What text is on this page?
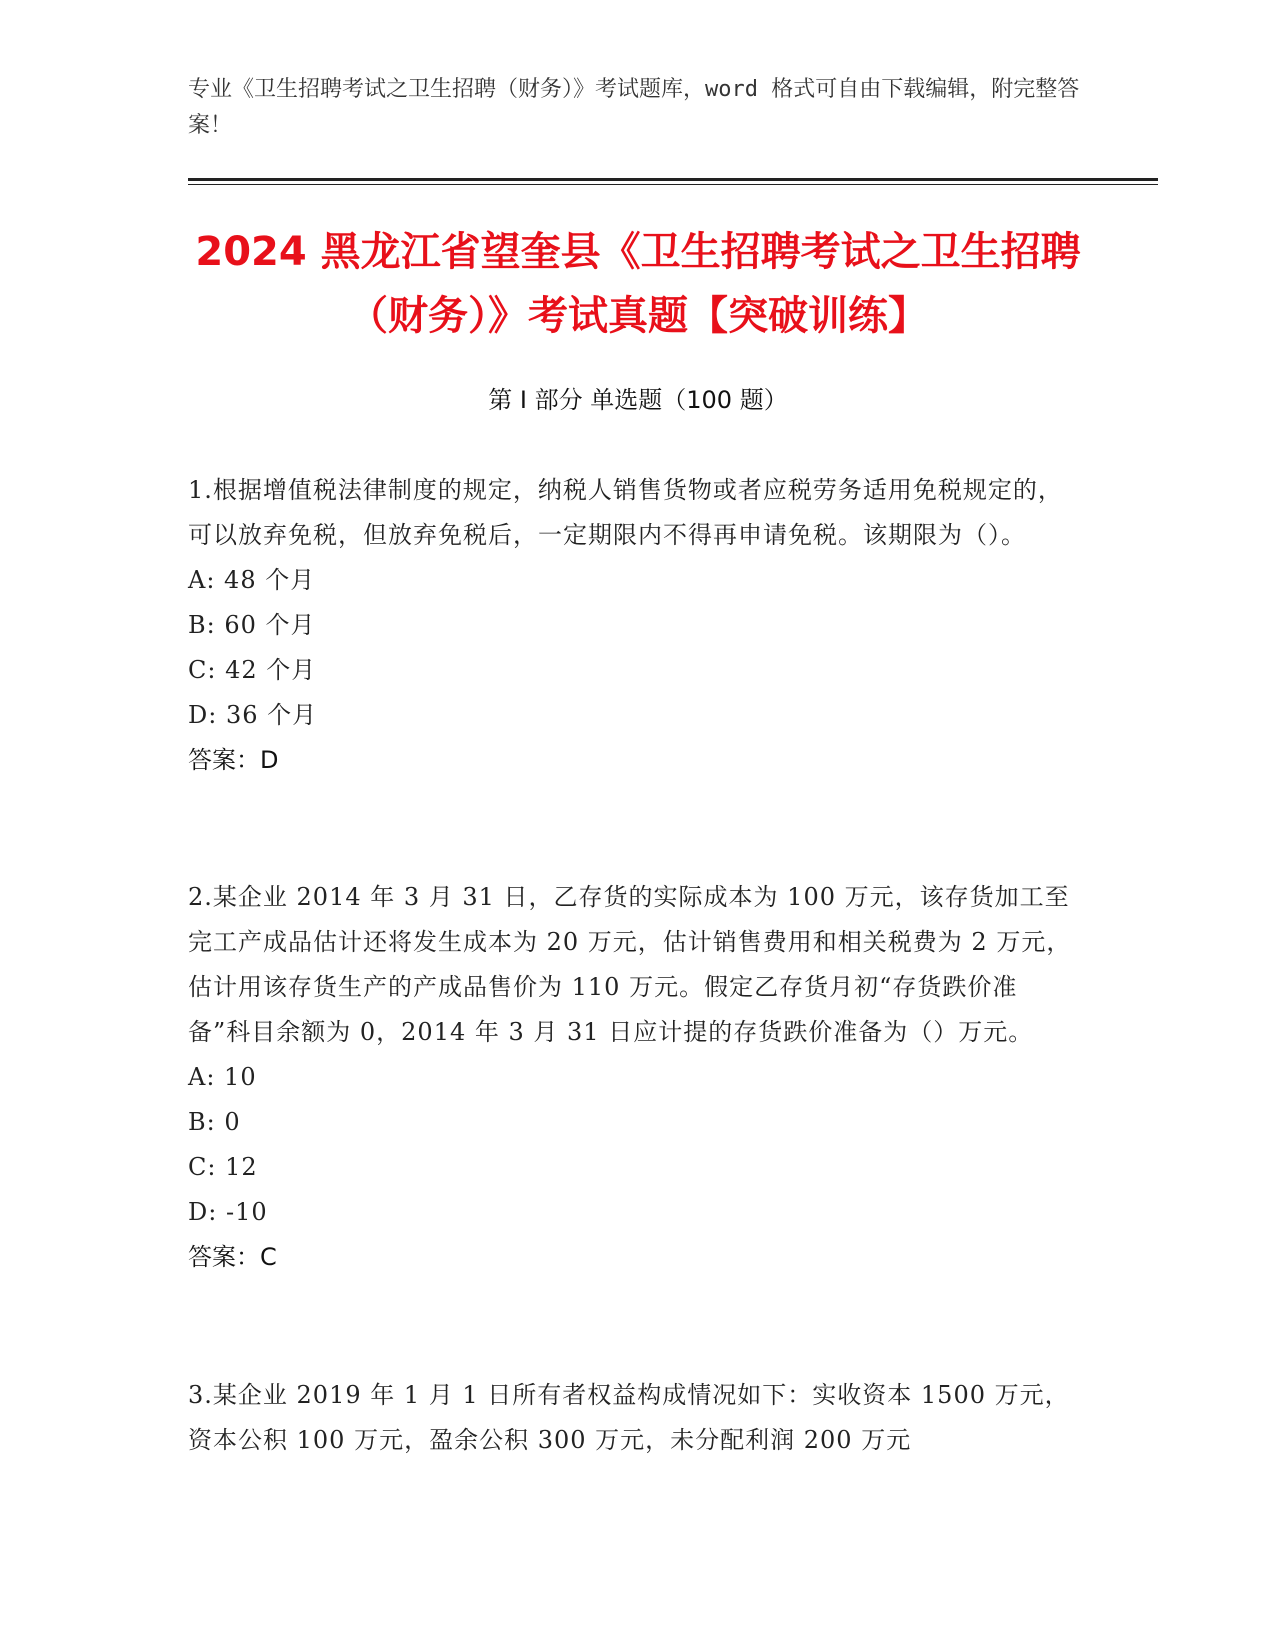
专业《卫生招聘考试之卫生招聘（财务）》考试题库，word 格式可自由下载编辑，附完整答案！
2024 黑龙江省望奎县《卫生招聘考试之卫生招聘（财务）》考试真题【突破训练】
第 I 部分 单选题（100 题）
1.根据增值税法律制度的规定，纳税人销售货物或者应税劳务适用免税规定的，可以放弃免税，但放弃免税后，一定期限内不得再申请免税。该期限为（）。
A: 48 个月
B: 60 个月
C: 42 个月
D: 36 个月
答案：D
2.某企业 2014 年 3 月 31 日，乙存货的实际成本为 100 万元，该存货加工至完工产成品估计还将发生成本为 20 万元，估计销售费用和相关税费为 2 万元，估计用该存货生产的产成品售价为 110 万元。假定乙存货月初“存货跌价准备”科目余额为 0，2014 年 3 月 31 日应计提的存货跌价准备为（）万元。
A: 10
B: 0
C: 12
D: -10
答案：C
3.某企业 2019 年 1 月 1 日所有者权益构成情况如下：实收资本 1500 万元，资本公积 100 万元，盈余公积 300 万元，未分配利润 200 万元
